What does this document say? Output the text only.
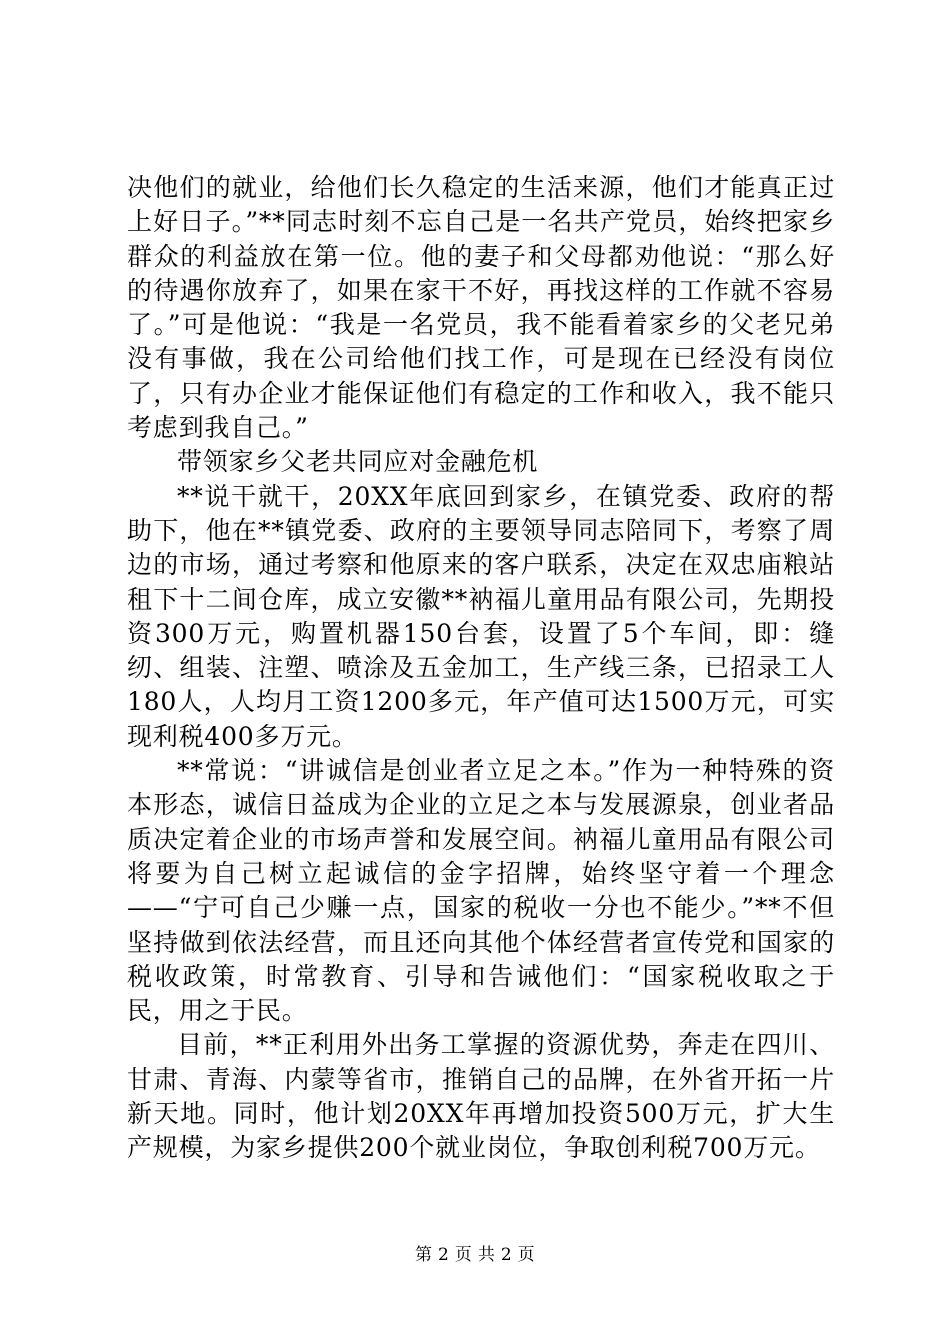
决他们的就业，给他们长久稳定的生活来源，他们才能真正过上好日子。”**同志时刻不忘自己是一名共产党员，始终把家乡群众的利益放在第一位。他的妻子和父母都劝他说：“那么好的待遇你放弃了，如果在家干不好，再找这样的工作就不容易了。”可是他说：“我是一名党员，我不能看着家乡的父老兄弟没有事做，我在公司给他们找工作，可是现在已经没有岗位了，只有办企业才能保证他们有稳定的工作和收入，我不能只考虑到我自己。”

带领家乡父老共同应对金融危机

**说干就干，20XX年底回到家乡，在镇党委、政府的帮助下，他在**镇党委、政府的主要领导同志陪同下，考察了周边的市场，通过考察和他原来的客户联系，决定在双忠庙粮站租下十二间仓库，成立安徽**衲福儿童用品有限公司，先期投资300万元，购置机器150台套，设置了5个车间，即：缝纫、组装、注塑、喷涂及五金加工，生产线三条，已招录工人180人，人均月工资1200多元，年产值可达1500万元，可实现利税400多万元。

**常说：“讲诚信是创业者立足之本。”作为一种特殊的资本形态，诚信日益成为企业的立足之本与发展源泉，创业者品质决定着企业的市场声誉和发展空间。衲福儿童用品有限公司将要为自己树立起诚信的金字招牌，始终坚守着一个理念——“宁可自己少赚一点，国家的税收一分也不能少。”**不但坚持做到依法经营，而且还向其他个体经营者宣传党和国家的税收政策，时常教育、引导和告诫他们：“国家税收取之于民，用之于民。

目前，**正利用外出务工掌握的资源优势，奔走在四川、甘肃、青海、内蒙等省市，推销自己的品牌，在外省开拓一片新天地。同时，他计划20XX年再增加投资500万元，扩大生产规模，为家乡提供200个就业岗位，争取创利税700万元。

第 2 页 共 2 页
